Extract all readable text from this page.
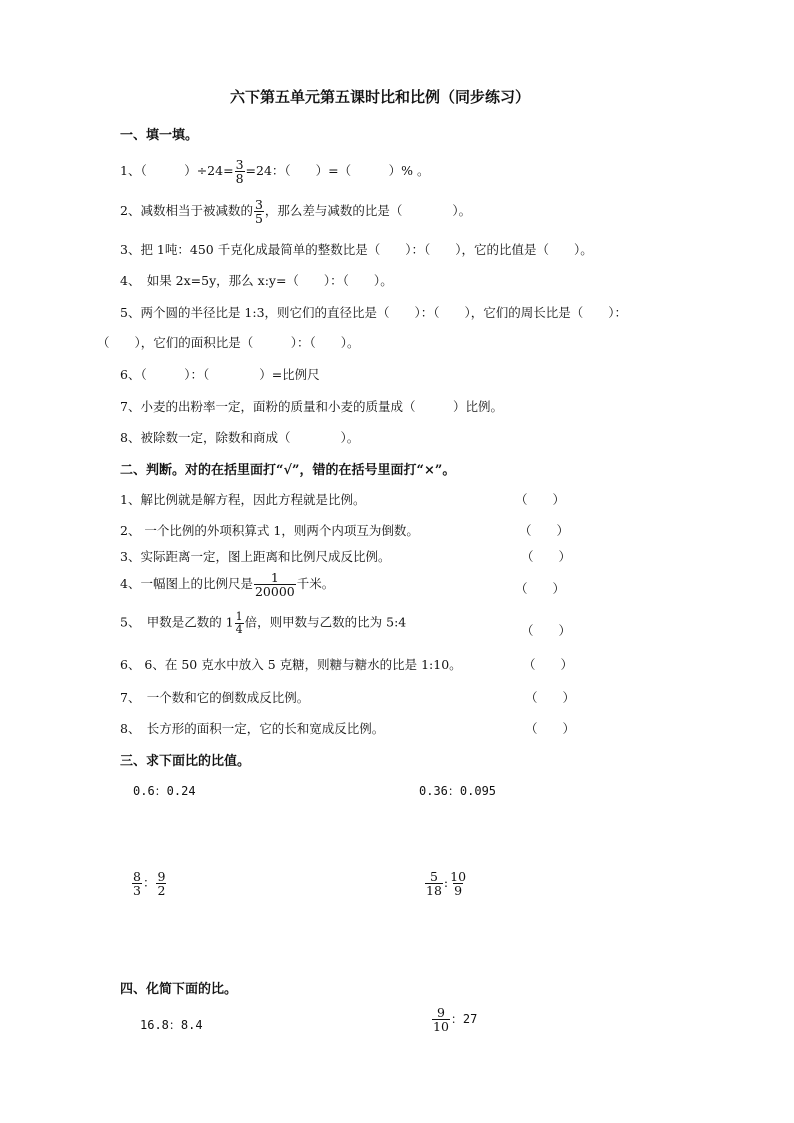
六下第五单元第五课时比和比例（同步练习）
一、填一填。
1、（　　　）$\div 24= \frac{3}{8} =24$：（　　）=（　　　）% 。
2、减数相当于被减数的 $\frac{3}{5}$ ，那么差与减数的比是（　　　　）。
3、把 1吨：450 千克化成最简单的整数比是（　　）：（　　），它的比值是（　　）。
4、　如果 2x=5y，那么 x:y=（　　）：（　　）。
5、两个圆的半径比是 1:3，则它们的直径比是（　　）：（　　），它们的周长比是（　　）：
（　　），它们的面积比是（　　　）：（　　）。
6、（　　　）：（　　　　）=比例尺
7、小麦的出粉率一定，面粉的质量和小麦的质量成（　　　）比例。
8、被除数一定，除数和商成（　　　　）。
二、判断。对的在括里面打“√”，错的在括号里面打“×”。
1、解比例就是解方程，因此方程就是比例。	（　　）
2、 一个比例的外项积算式 1，则两个内项互为倒数。	（　　）
3、实际距离一定，图上距离和比例尺成反比例。	（　　）
4、一幅图上的比例尺是 $\frac{1}{20000}$ 千米。	（　　）
5、　甲数是乙数的 $1 \frac{1}{4}$ 倍，则甲数与乙数的比为 5:4
（　　）
6、 6、在 50 克水中放入 5 克糖，则糖与糖水的比是 1:10。	（　　）
7、　一个数和它的倒数成反比例。	（　　）
8、　长方形的面积一定，它的长和宽成反比例。	（　　）
三、求下面比的比值。
0.6：0.24	0.36：0.095
$\frac{8}{3}$ ： $\frac{9}{2}$	$\frac{5}{18}$ : $\frac{10}{9}$
四、化简下面的比。
16.8：8.4	$\frac{9}{10}$ ：27
